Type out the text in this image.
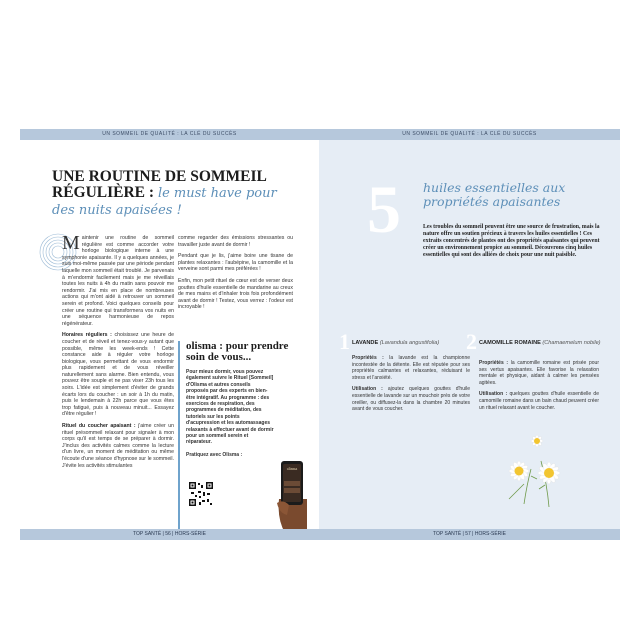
UN SOMMEIL DE QUALITÉ : LA CLÉ DU SUCCÈS
UNE ROUTINE DE SOMMEIL
RÉGULIÈRE : le must have pour des nuits apaisées !

Maintenir une routine de sommeil régulière est comme accorder votre horloge biologique interne à une symphonie apaisante. Il y a quelques années, je suis moi-même passée par une période pendant laquelle mon sommeil était troublé. Je parvenais à m'endormir facilement mais je me réveillais toutes les nuits à 4h du matin sans pouvoir me rendormir. J'ai mis en place de nombreuses actions qui m'ont aidé à retrouver un sommeil serein et profond. Voici quelques conseils pour créer une routine qui transformera vos nuits en une séquence harmonieuse de repos régénérateur.

Horaires réguliers : choisissez une heure de coucher et de réveil et tenez-vous-y autant que possible, même les week-ends ! Cette constance aide à réguler votre horloge biologique, vous permettant de vous endormir plus rapidement et de vous réveiller naturellement sans alarme. Bien entendu, vous pouvez être souple et ne pas viser 23h tous les soirs. L'idée est simplement d'éviter de grands écarts lors du coucher : un soir à 1h du matin, puis le lendemain à 22h parce que vous êtes trop fatigué, puis à nouveau minuit... Essayez d'être régulier !

Rituel du coucher apaisant : j'aime créer un rituel présommeil relaxant pour signaler à mon corps qu'il est temps de se préparer à dormir. J'inclus des activités calmes comme la lecture d'un livre, un moment de méditation ou même l'écoute d'une séance d'hypnose sur le sommeil. J'évite les activités stimulantes

comme regarder des émissions stressantes ou travailler juste avant de dormir !

Pendant que je lis, j'aime boire une tisane de plantes relaxantes : l'aubépine, la camomille et la verveine sont parmi mes préférées !

Enfin, mon petit rituel de cœur est de verser deux gouttes d'huile essentielle de mandarine au creux de mes mains et d'inhaler trois fois profondément avant de dormir ! Testez, vous verrez : l'odeur est incroyable !

olisma : pour prendre soin de vous...
Pour mieux dormir, vous pouvez également suivre le Rituel [Sommeil] d'Olisma et autres conseils proposés par des experts en bien-être intégratif. Au programme : des exercices de respiration, des programmes de méditation, des tutoriels sur les points d'acupression et les automassages relaxants à effectuer avant de dormir pour un sommeil serein et réparateur.
Pratiquez avec Olisma :
olisma
TOP SANTÉ | 56 | HORS-SÉRIE
UN SOMMEIL DE QUALITÉ : LA CLÉ DU SUCCÈS
5 huiles essentielles aux propriétés apaisantes
Les troubles du sommeil peuvent être une source de frustration, mais la nature offre un soutien précieux à travers les huiles essentielles ! Ces extraits concentrés de plantes ont des propriétés apaisantes qui peuvent créer un environnement propice au sommeil. Découvrons cinq huiles essentielles qui sont des alliées de choix pour une nuit paisible.
1 LAVANDE (Lavandula angustifolia)

Propriétés : la lavande est la championne incontestée de la détente. Elle est réputée pour ses propriétés calmantes et relaxantes, réduisant le stress et l'anxiété.

Utilisation : ajoutez quelques gouttes d'huile essentielle de lavande sur un mouchoir près de votre oreiller, ou diffusez-la dans la chambre 20 minutes avant de vous coucher.

2 CAMOMILLE ROMAINE (Chamaemelum nobile)

Propriétés : la camomille romaine est prisée pour ses vertus apaisantes. Elle favorise la relaxation mentale et physique, aidant à calmer les pensées agitées.

Utilisation : quelques gouttes d'huile essentielle de camomille romaine dans un bain chaud peuvent créer un rituel relaxant avant le coucher.

TOP SANTÉ | 57 | HORS-SÉRIE
